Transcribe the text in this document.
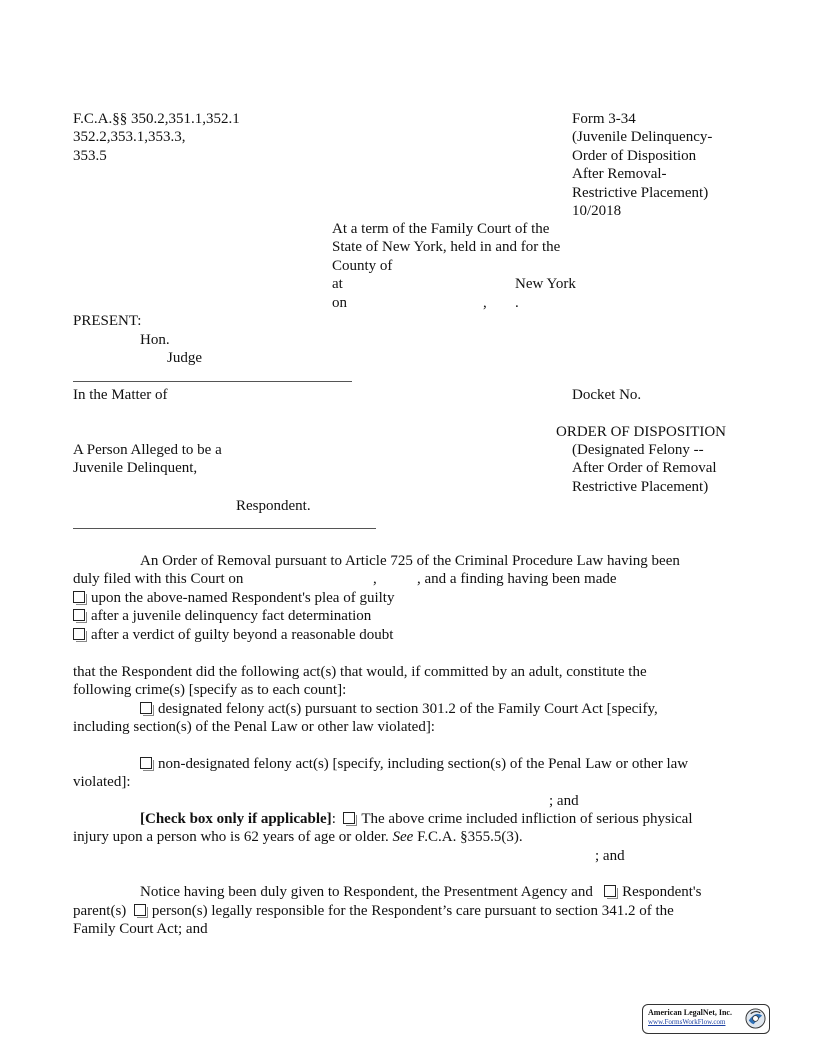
F.C.A.§§ 350.2,351.1,352.1
352.2,353.1,353.3,
353.5
Form 3-34
(Juvenile Delinquency-
Order of Disposition
After Removal-
Restrictive Placement)
10/2018
At a term of the Family Court of the
State of New York, held in and for the
County of
at	New York
on	, .
PRESENT:
Hon.
Judge
In the Matter of	Docket No.
ORDER OF DISPOSITION
(Designated Felony --
After Order of Removal
Restrictive Placement)
A Person Alleged to be a
Juvenile Delinquent,
Respondent.
An Order of Removal pursuant to Article 725 of the Criminal Procedure Law having been
duly filed with this Court on	,	, and a finding having been made
upon the above-named Respondent's plea of guilty
after a juvenile delinquency fact determination
after a verdict of guilty beyond a reasonable doubt
that the Respondent did the following act(s) that would, if committed by an adult, constitute the
following crime(s) [specify as to each count]:
designated felony act(s) pursuant to section 301.2 of the Family Court Act [specify,
including section(s) of the Penal Law or other law violated]:
non-designated felony act(s) [specify, including section(s) of the Penal Law or other law
violated]:
; and
[Check box only if applicable]: The above crime included infliction of serious physical
injury upon a person who is 62 years of age or older. See F.C.A. §355.5(3).
; and
Notice having been duly given to Respondent, the Presentment Agency and Respondent's
parent(s) person(s) legally responsible for the Respondent’s care pursuant to section 341.2 of the
Family Court Act; and
American LegalNet, Inc.
www.FormsWorkFlow.com
